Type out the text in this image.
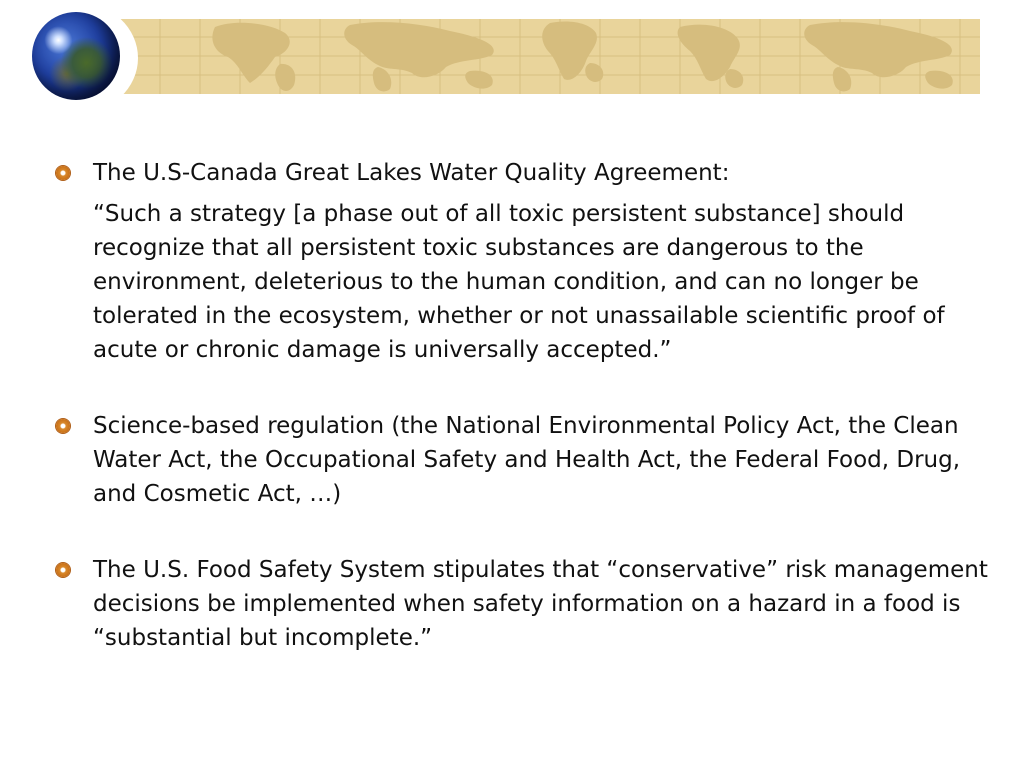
The U.S-Canada Great Lakes Water Quality Agreement:
“Such a strategy [a phase out of all toxic persistent substance] should recognize that all persistent toxic substances are dangerous to the environment, deleterious to the human condition, and can no longer be tolerated in the ecosystem, whether or not unassailable scientific proof of acute or chronic damage is universally accepted.”
Science-based regulation (the National Environmental Policy Act, the Clean Water Act, the Occupational Safety and Health Act, the Federal Food, Drug, and Cosmetic Act, …)
The U.S. Food Safety System stipulates that “conservative” risk management decisions be implemented when safety information on a hazard in a food is “substantial but incomplete.”
